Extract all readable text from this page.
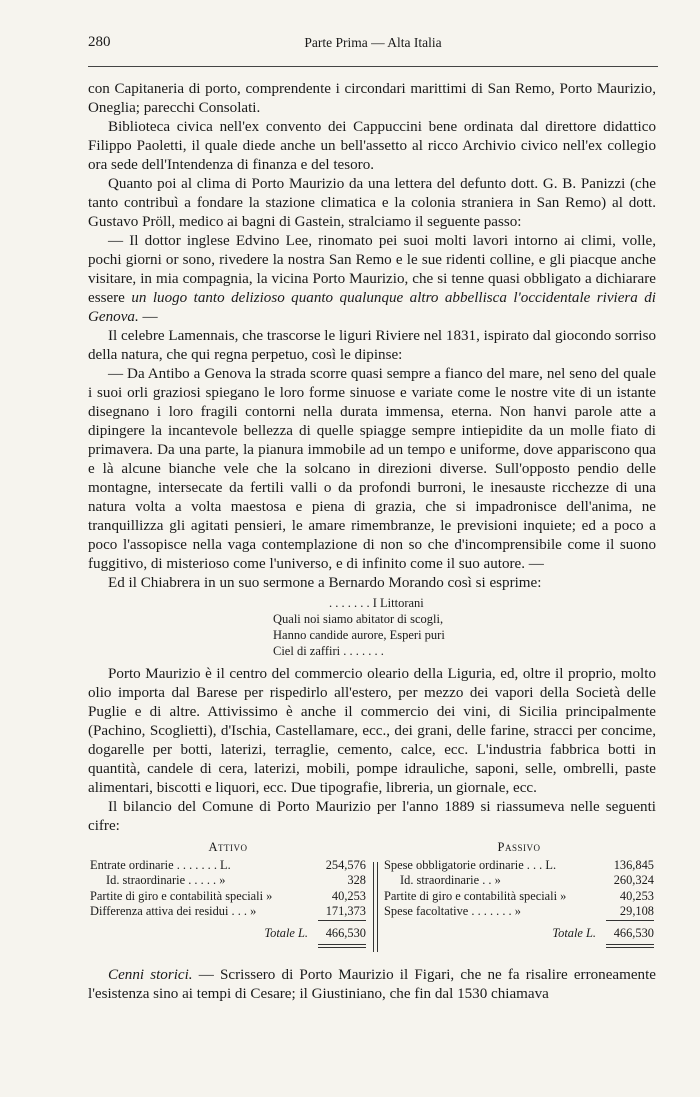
280	Parte Prima — Alta Italia

con Capitaneria di porto, comprendente i circondari marittimi di San Remo, Porto Maurizio, Oneglia; parecchi Consolati.

Biblioteca civica nell'ex convento dei Cappuccini bene ordinata dal direttore didattico Filippo Paoletti, il quale diede anche un bell'assetto al ricco Archivio civico nell'ex collegio ora sede dell'Intendenza di finanza e del tesoro.

Quanto poi al clima di Porto Maurizio da una lettera del defunto dott. G. B. Panizzi (che tanto contribuì a fondare la stazione climatica e la colonia straniera in San Remo) al dott. Gustavo Pröll, medico ai bagni di Gastein, stralciamo il seguente passo:

— Il dottor inglese Edvino Lee, rinomato pei suoi molti lavori intorno ai climi, volle, pochi giorni or sono, rivedere la nostra San Remo e le sue ridenti colline, e gli piacque anche visitare, in mia compagnia, la vicina Porto Maurizio, che si tenne quasi obbligato a dichiarare essere un luogo tanto delizioso quanto qualunque altro abbellisca l'occidentale riviera di Genova. —

Il celebre Lamennais, che trascorse le liguri Riviere nel 1831, ispirato dal giocondo sorriso della natura, che qui regna perpetuo, così le dipinse:

— Da Antibo a Genova la strada scorre quasi sempre a fianco del mare, nel seno del quale i suoi orli graziosi spiegano le loro forme sinuose e variate come le nostre vite di un istante disegnano i loro fragili contorni nella durata immensa, eterna. Non hanvi parole atte a dipingere la incantevole bellezza di quelle spiagge sempre intiepidite da un molle fiato di primavera. Da una parte, la pianura immobile ad un tempo e uniforme, dove appariscono qua e là alcune bianche vele che la solcano in direzioni diverse. Sull'opposto pendio delle montagne, intersecate da fertili valli o da profondi burroni, le inesauste ricchezze di una natura volta a volta maestosa e piena di grazia, che si impadronisce dell'anima, ne tranquillizza gli agitati pensieri, le amare rimembranze, le previsioni inquiete; ed a poco a poco l'assopisce nella vaga contemplazione di non so che d'incomprensibile come il suono fuggitivo, di misterioso come l'universo, e di infinito come il suo autore. —

Ed il Chiabrera in un suo sermone a Bernardo Morando così si esprime:

. . . . . . . I Littorani
Quali noi siamo abitator di scogli,
Hanno candide aurore, Esperi puri
Ciel di zaffiri . . . . . . .

Porto Maurizio è il centro del commercio oleario della Liguria, ed, oltre il proprio, molto olio importa dal Barese per rispedirlo all'estero, per mezzo dei vapori della Società delle Puglie e di altre. Attivissimo è anche il commercio dei vini, di Sicilia principalmente (Pachino, Scoglietti), d'Ischia, Castellamare, ecc., dei grani, delle farine, stracci per concime, dogarelle per botti, laterizi, terraglie, cemento, calce, ecc. L'industria fabbrica botti in quantità, candele di cera, laterizi, mobili, pompe idrauliche, saponi, selle, ombrelli, paste alimentari, biscotti e liquori, ecc. Due tipografie, libreria, un giornale, ecc.

Il bilancio del Comune di Porto Maurizio per l'anno 1889 si riassumeva nelle seguenti cifre:

Attivo
Entrate ordinarie . . . . . . . L.	254,576
Id. straordinarie . . . . . »	328
Partite di giro e contabilità speciali »	40,253
Differenza attiva dei residui . . . »	171,373
Totale L. 466,530
Passivo
Spese obbligatorie ordinarie . . . L.	136,845
Id. straordinarie . . »	260,324
Partite di giro e contabilità speciali »	40,253
Spese facoltative . . . . . . . »	29,108
Totale L. 466,530

Cenni storici. — Scrissero di Porto Maurizio il Figari, che ne fa risalire erroneamente l'esistenza sino ai tempi di Cesare; il Giustiniano, che fin dal 1530 chiamava
